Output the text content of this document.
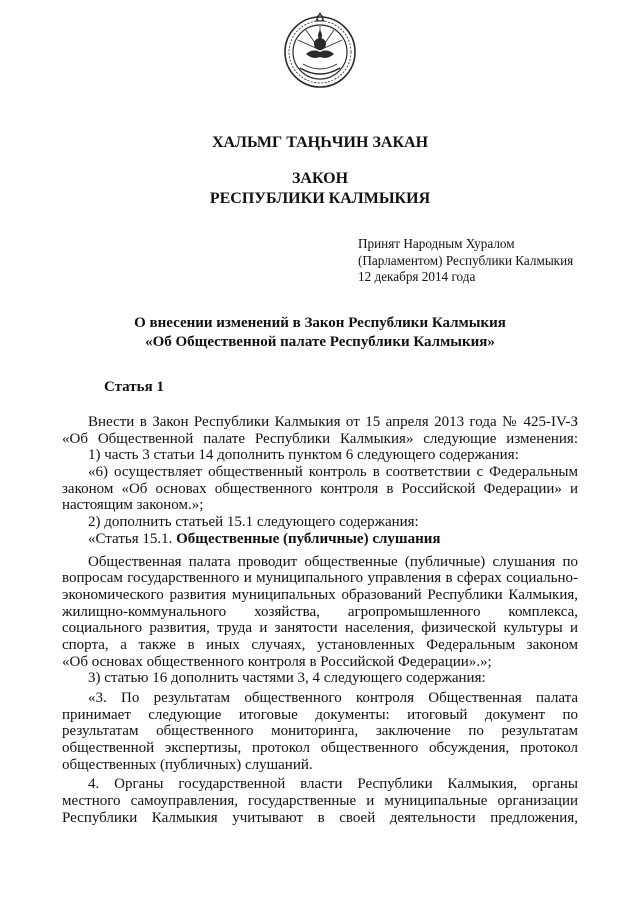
ХАЛЬМГ ТАҢҺЧИН ЗАКАН
ЗАКОН
РЕСПУБЛИКИ КАЛМЫКИЯ
Принят Народным Хуралом
(Парламентом) Республики Калмыкия
12 декабря 2014 года
О внесении изменений в Закон Республики Калмыкия
«Об Общественной палате Республики Калмыкия»
Статья 1
Внести в Закон Республики Калмыкия от 15 апреля 2013 года № 425-IV-З
«Об Общественной палате Республики Калмыкия» следующие изменения:
1) часть 3 статьи 14 дополнить пунктом 6 следующего содержания:
«6) осуществляет общественный контроль в соответствии с Федеральным
законом «Об основах общественного контроля в Российской Федерации» и
настоящим законом.»;
2) дополнить статьей 15.1 следующего содержания:
«Статья 15.1. Общественные (публичные) слушания
Общественная палата проводит общественные (публичные) слушания по
вопросам государственного и муниципального управления в сферах социально-
экономического развития муниципальных образований Республики Калмыкия,
жилищно-коммунального хозяйства, агропромышленного комплекса,
социального развития, труда и занятости населения, физической культуры и
спорта, а также в иных случаях, установленных Федеральным законом
«Об основах общественного контроля в Российской Федерации».»;
3) статью 16 дополнить частями 3, 4 следующего содержания:
«3. По результатам общественного контроля Общественная палата
принимает следующие итоговые документы: итоговый документ по
результатам общественного мониторинга, заключение по результатам
общественной экспертизы, протокол общественного обсуждения, протокол
общественных (публичных) слушаний.
4. Органы государственной власти Республики Калмыкия, органы
местного самоуправления, государственные и муниципальные организации
Республики Калмыкия учитывают в своей деятельности предложения,
